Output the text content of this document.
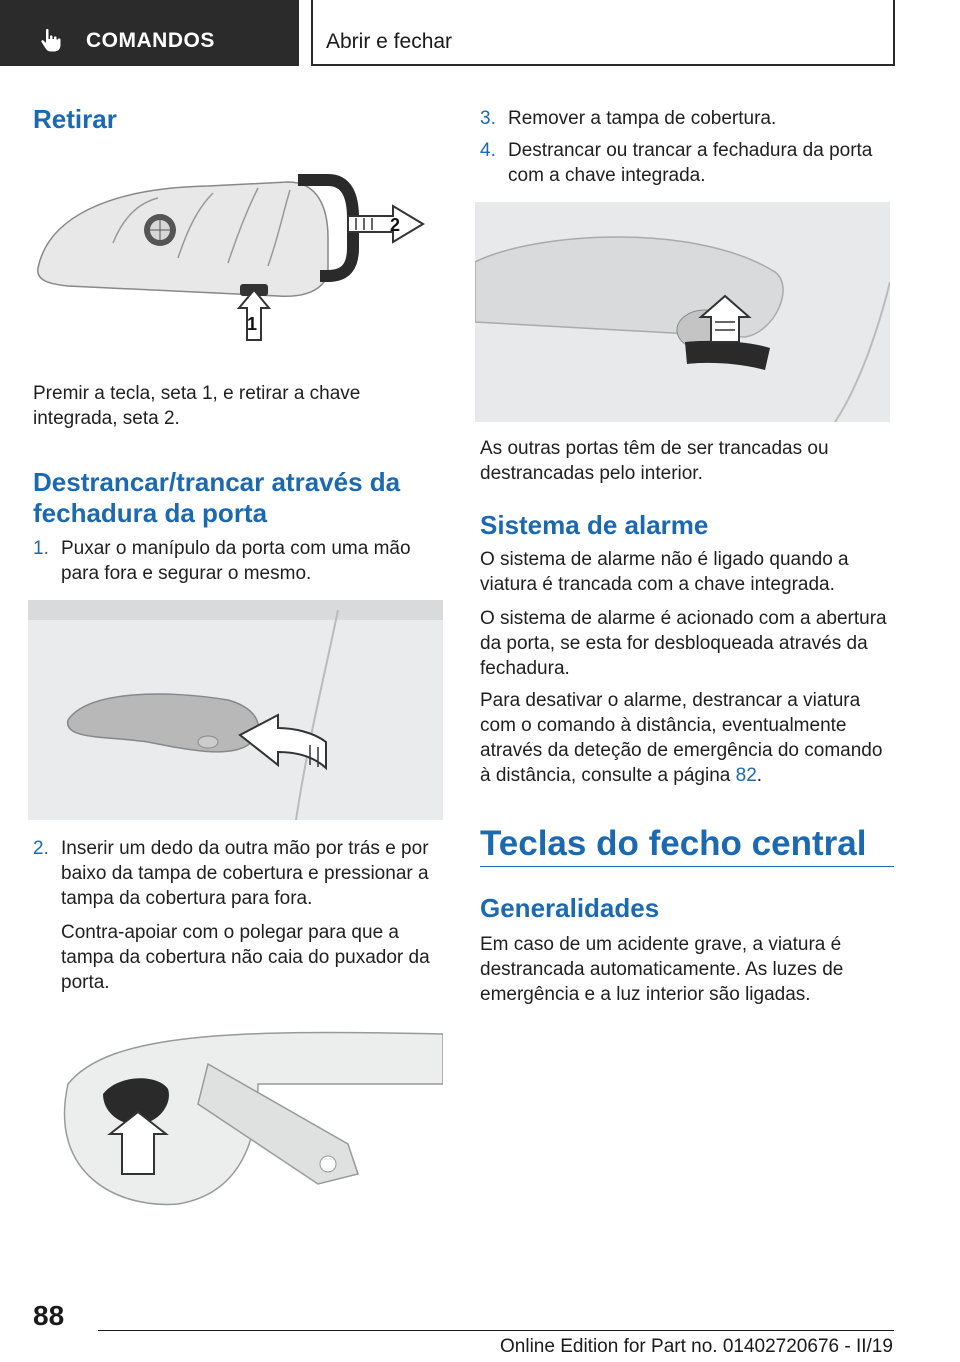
COMANDOS	Abrir e fechar
Retirar
2
1
Premir a tecla, seta 1, e retirar a chave integrada, seta 2.
Destrancar/trancar através da fechadura da porta
1. Puxar o manípulo da porta com uma mão para fora e segurar o mesmo.
2. Inserir um dedo da outra mão por trás e por baixo da tampa de cobertura e pressionar a tampa da cobertura para fora.
Contra-apoiar com o polegar para que a tampa da cobertura não caia do puxador da porta.
3. Remover a tampa de cobertura.
4. Destrancar ou trancar a fechadura da porta com a chave integrada.
As outras portas têm de ser trancadas ou destrancadas pelo interior.
Sistema de alarme
O sistema de alarme não é ligado quando a viatura é trancada com a chave integrada.
O sistema de alarme é acionado com a abertura da porta, se esta for desbloqueada através da fechadura.
Para desativar o alarme, destrancar a viatura com o comando à distância, eventualmente através da deteção de emergência do comando à distância, consulte a página 82.
Teclas do fecho central
Generalidades
Em caso de um acidente grave, a viatura é destrancada automaticamente. As luzes de emergência e a luz interior são ligadas.
88
Online Edition for Part no. 01402720676 - II/19
